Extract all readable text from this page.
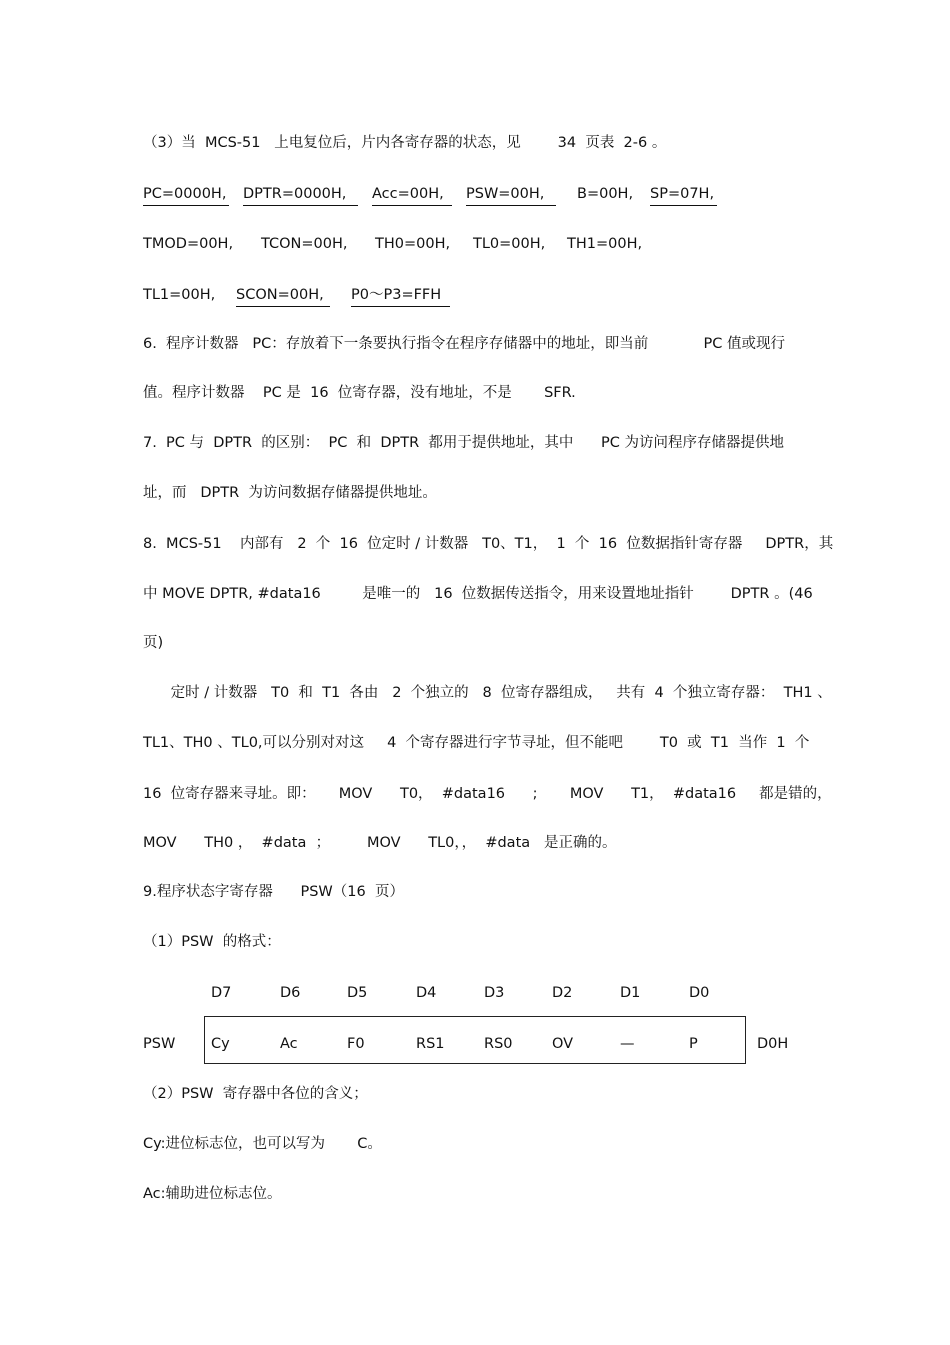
（3）当  MCS-51   上电复位后，片内各寄存器的状态，见        34  页表  2-6 。
PC=0000H, DPTR=0000H,	Acc=00H,	PSW=00H,	B=00H, SP=07H,
TMOD=00H, TCON=00H, TH0=00H, TL0=00H, TH1=00H,
TL1=00H, SCON=00H,	P0～P3=FFH
6.  程序计数器   PC：存放着下一条要执行指令在程序存储器中的地址，即当前            PC 值或现行
值。程序计数器    PC 是  16  位寄存器，没有地址，不是       SFR.
7.  PC 与  DPTR  的区别：  PC  和  DPTR  都用于提供地址，其中      PC 为访问程序存储器提供地
址，而   DPTR  为访问数据存储器提供地址。
8.  MCS-51    内部有   2  个  16  位定时 / 计数器   T0、T1，  1  个  16  位数据指针寄存器     DPTR，其
中 MOVE DPTR, #data16         是唯一的   16  位数据传送指令，用来设置地址指针        DPTR 。(46
页)
定时 / 计数器   T0  和  T1  各由   2  个独立的   8  位寄存器组成，   共有  4  个独立寄存器：  TH1 、
TL1、TH0 、TL0,可以分别对对这     4  个寄存器进行字节寻址，但不能吧        T0  或  T1  当作  1  个
16  位寄存器来寻址。即：     MOV      T0，  #data16      ;       MOV      T1，  #data16     都是错的，
MOV      TH0 ，  #data  ；        MOV      TL0，，  #data   是正确的。
9.程序状态字寄存器      PSW（16  页）
（1）PSW  的格式：
D7	D6	D5	D4	D3	D2	D1	D0
PSW Cy	Ac	F0	RS1	RS0	OV	—	P	D0H
（2）PSW  寄存器中各位的含义；
Cy:进位标志位，也可以写为       C。
Ac:辅助进位标志位。
